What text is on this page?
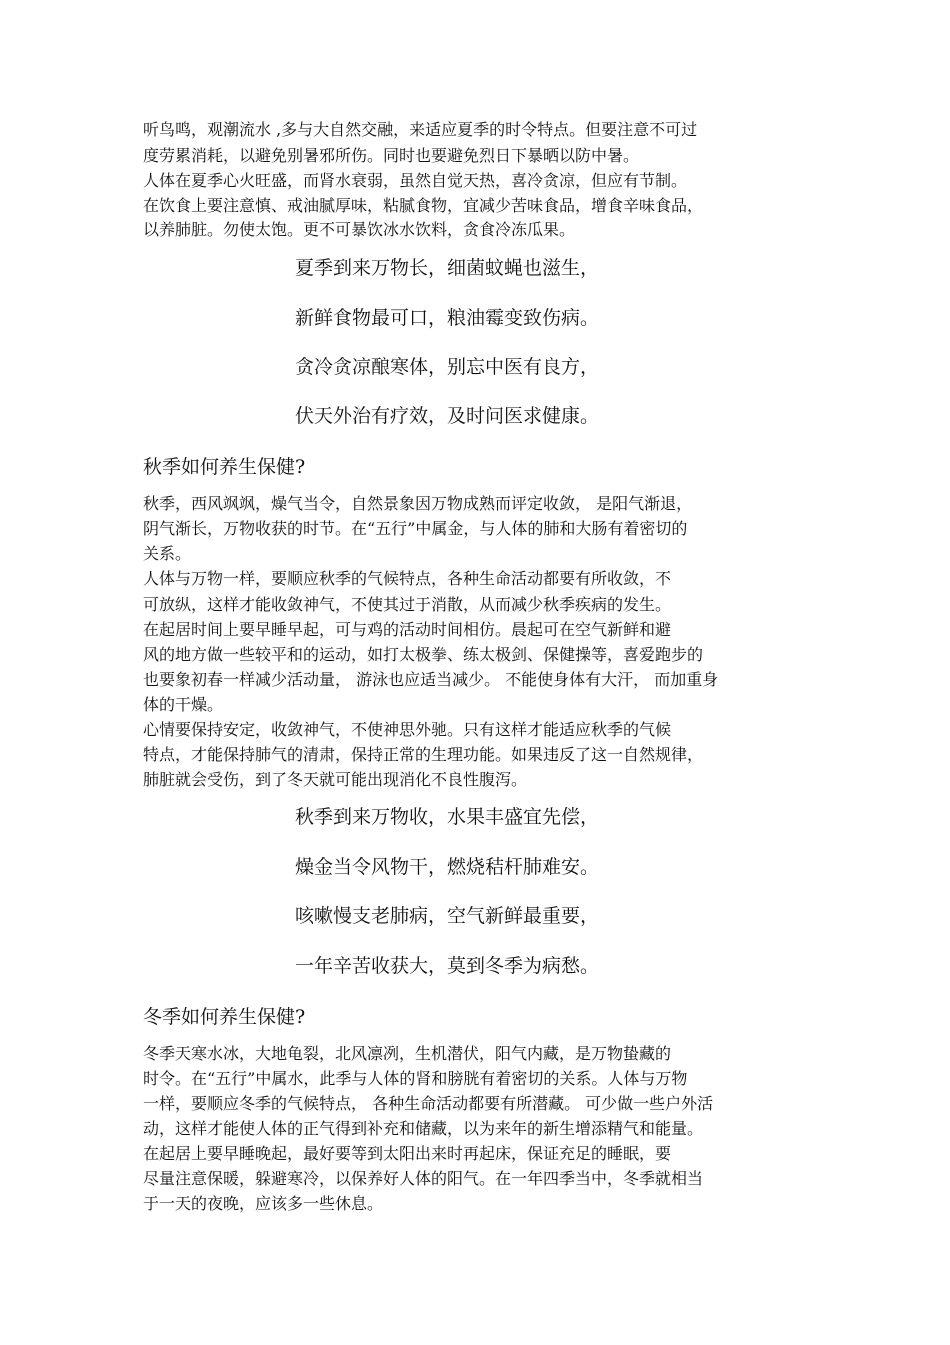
听鸟鸣，观潮流水 ,多与大自然交融，来适应夏季的时令特点。但要注意不可过
度劳累消耗，以避免别暑邪所伤。同时也要避免烈日下暴晒以防中暑。
人体在夏季心火旺盛，而肾水衰弱，虽然自觉天热，喜冷贪凉，但应有节制。
在饮食上要注意慎、戒油腻厚味，粘腻食物，宜减少苦味食品，增食辛味食品，
以养肺脏。勿使太饱。更不可暴饮冰水饮料，贪食冷冻瓜果。
夏季到来万物长，细菌蚊蝇也滋生，
新鲜食物最可口，粮油霉变致伤病。
贪冷贪凉酿寒体，别忘中医有良方，
伏天外治有疗效，及时问医求健康。
秋季如何养生保健?
秋季，西风飒飒，燥气当令，自然景象因万物成熟而评定收敛， 是阳气渐退，
阴气渐长，万物收获的时节。在“五行”中属金，与人体的肺和大肠有着密切的
关系。
人体与万物一样，要顺应秋季的气候特点，各种生命活动都要有所收敛，不
可放纵，这样才能收敛神气，不使其过于消散，从而减少秋季疾病的发生。
在起居时间上要早睡早起，可与鸡的活动时间相仿。晨起可在空气新鲜和避
风的地方做一些较平和的运动，如打太极拳、练太极剑、保健操等，喜爱跑步的
也要象初春一样减少活动量， 游泳也应适当减少。 不能使身体有大汗， 而加重身
体的干燥。
心情要保持安定，收敛神气，不使神思外驰。只有这样才能适应秋季的气候
特点，才能保持肺气的清肃，保持正常的生理功能。如果违反了这一自然规律，
肺脏就会受伤，到了冬天就可能出现消化不良性腹泻。
秋季到来万物收，水果丰盛宜先偿，
燥金当令风物干，燃烧秸杆肺难安。
咳嗽慢支老肺病，空气新鲜最重要，
一年辛苦收获大，莫到冬季为病愁。
冬季如何养生保健?
冬季天寒水冰，大地龟裂，北风凛冽，生机潜伏，阳气内藏，是万物蛰藏的
时令。在“五行”中属水，此季与人体的肾和膀胱有着密切的关系。人体与万物
一样，要顺应冬季的气候特点， 各种生命活动都要有所潜藏。 可少做一些户外活
动，这样才能使人体的正气得到补充和储藏，以为来年的新生增添精气和能量。
在起居上要早睡晚起，最好要等到太阳出来时再起床，保证充足的睡眠，要
尽量注意保暖，躲避寒冷，以保养好人体的阳气。在一年四季当中，冬季就相当
于一天的夜晚，应该多一些休息。
